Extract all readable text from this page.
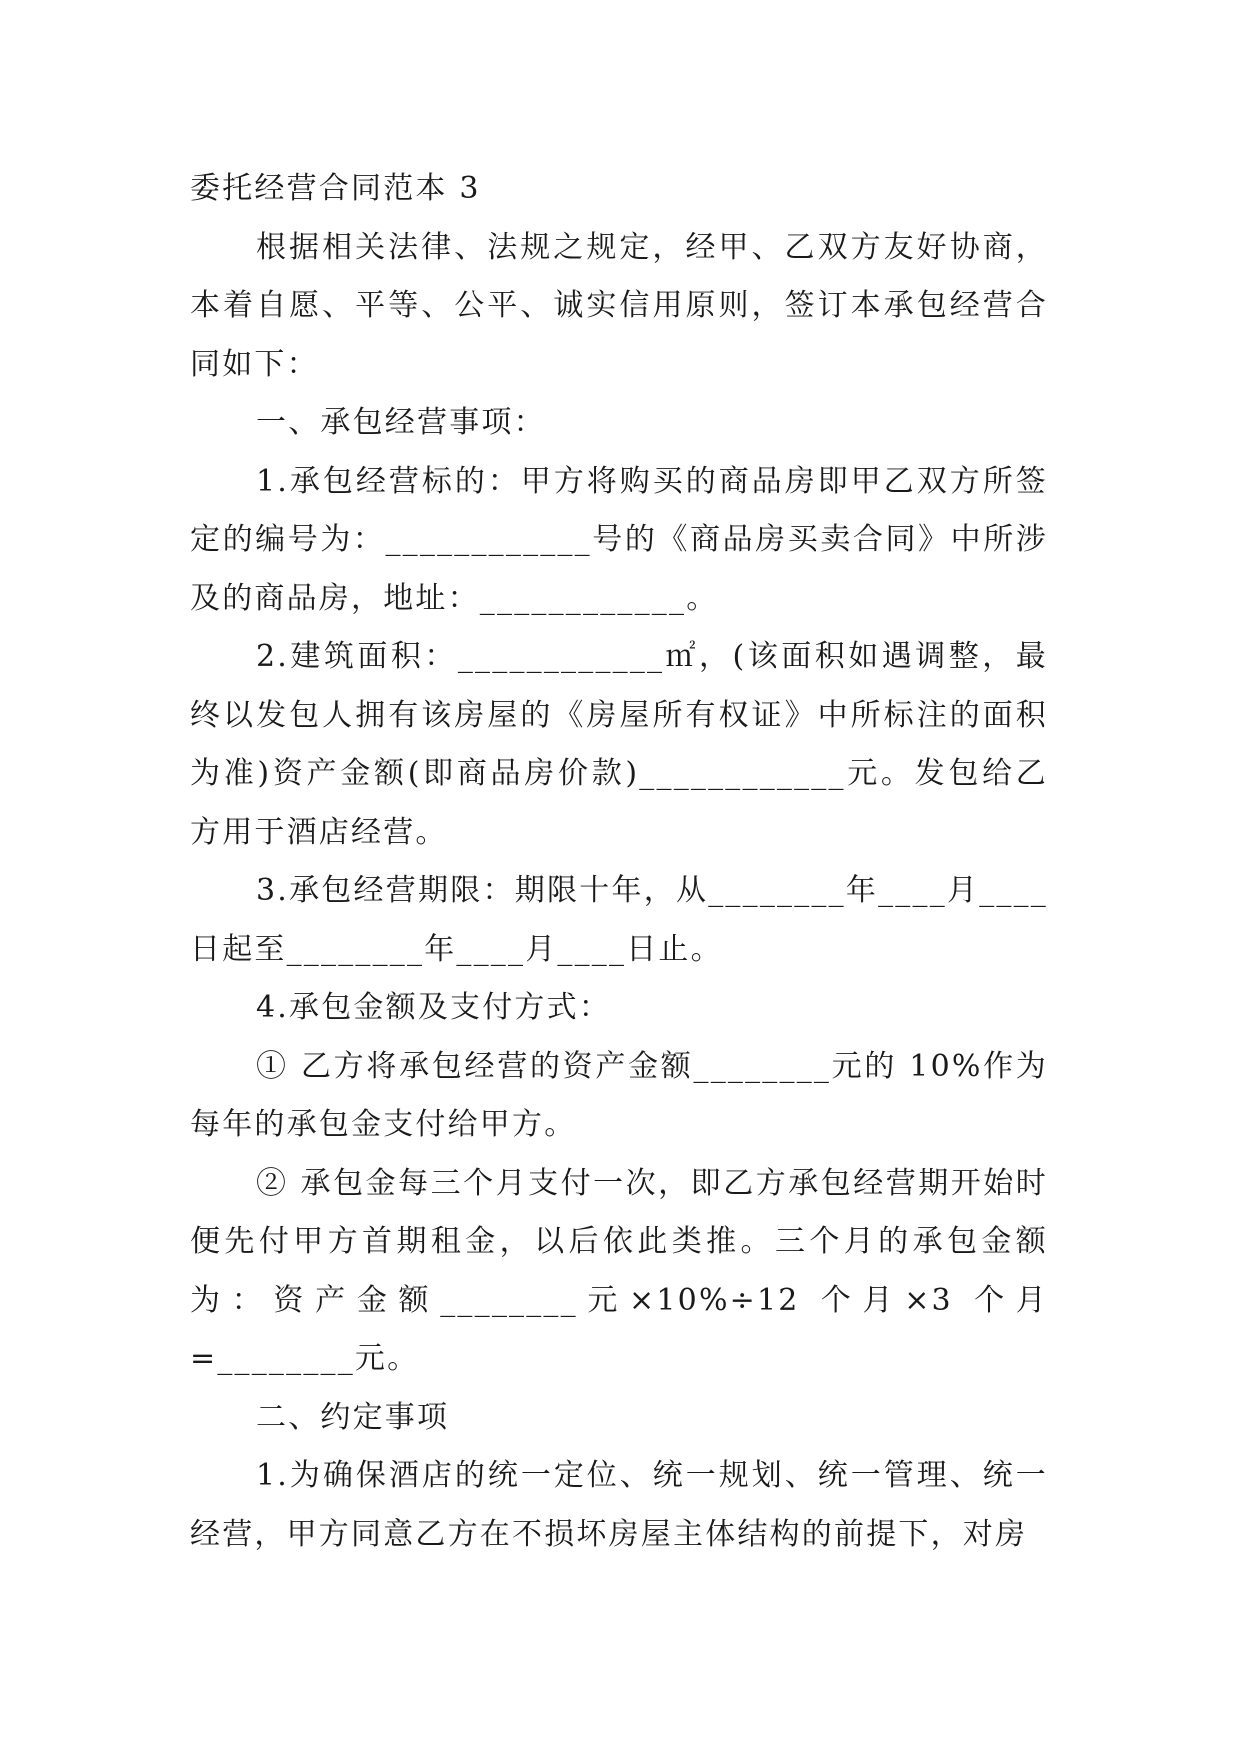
委托经营合同范本 3

根据相关法律、法规之规定，经甲、乙双方友好协商，本着自愿、平等、公平、诚实信用原则，签订本承包经营合同如下：

一、承包经营事项：

1.承包经营标的：甲方将购买的商品房即甲乙双方所签定的编号为：____________号的《商品房买卖合同》中所涉及的商品房，地址：____________。

2.建筑面积：____________㎡，(该面积如遇调整，最终以发包人拥有该房屋的《房屋所有权证》中所标注的面积为准)资产金额(即商品房价款)____________元。发包给乙方用于酒店经营。

3.承包经营期限：期限十年，从________年____月____日起至________年____月____日止。

4.承包金额及支付方式：

① 乙方将承包经营的资产金额________元的 10%作为每年的承包金支付给甲方。

② 承包金每三个月支付一次，即乙方承包经营期开始时便先付甲方首期租金，以后依此类推。三个月的承包金额为：资产金额________元×10%÷12 个月×3 个月=________元。

二、约定事项

1.为确保酒店的统一定位、统一规划、统一管理、统一经营，甲方同意乙方在不损坏房屋主体结构的前提下，对房
